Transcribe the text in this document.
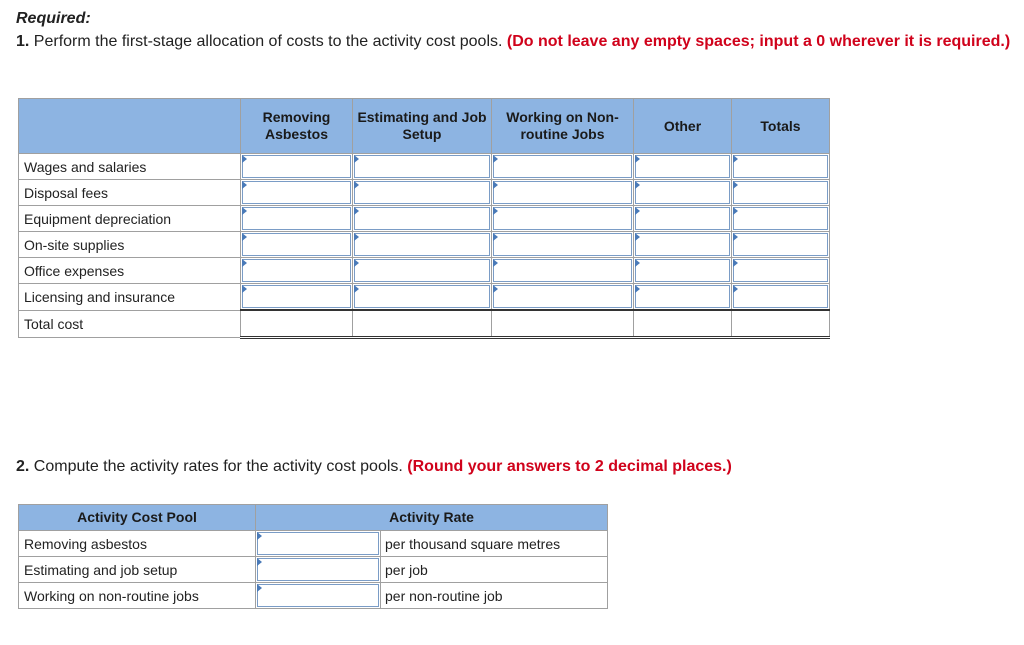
Required:
1. Perform the first-stage allocation of costs to the activity cost pools. (Do not leave any empty spaces; input a 0 wherever it is required.)
	Removing Asbestos	Estimating and Job Setup	Working on Non-routine Jobs	Other	Totals
Wages and salaries	

Disposal fees	

Equipment depreciation	

On-site supplies	

Office expenses	

Licensing and insurance	

Total cost					
2. Compute the activity rates for the activity cost pools. (Round your answers to 2 decimal places.)
Activity Cost Pool	Activity Rate	
Removing asbestos		per thousand square metres
Estimating and job setup		per job
Working on non-routine jobs		per non-routine job
